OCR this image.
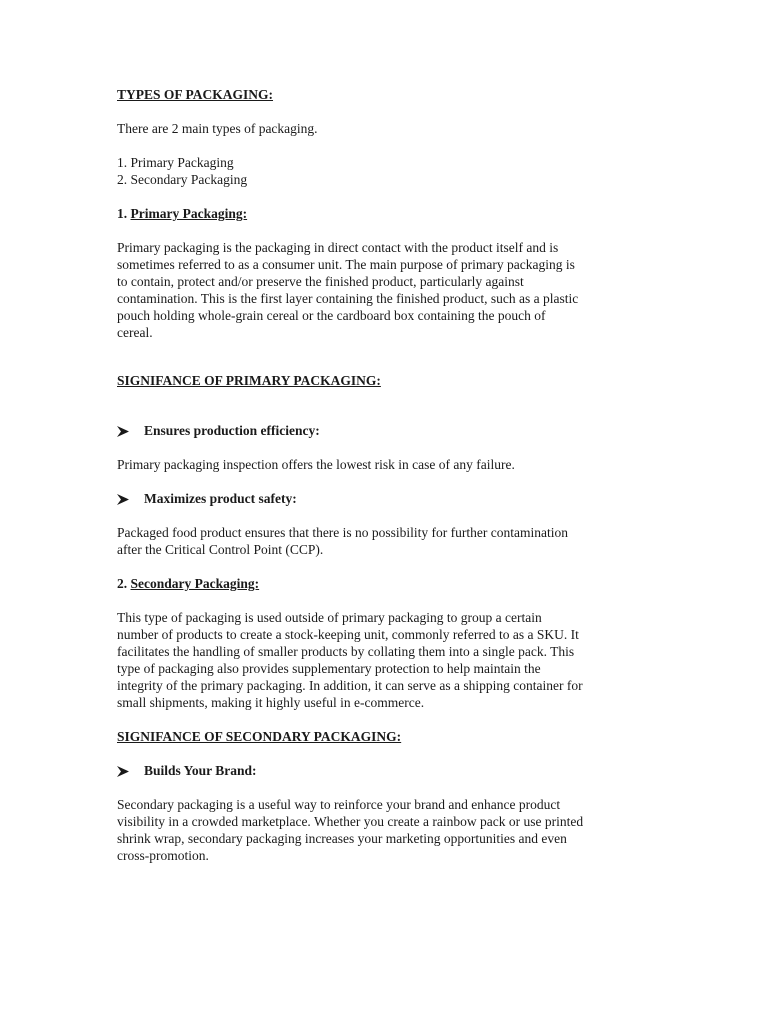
TYPES OF PACKAGING:
There are 2 main types of packaging.
1. Primary Packaging
2. Secondary Packaging
1. Primary Packaging:
Primary packaging is the packaging in direct contact with the product itself and is
sometimes referred to as a consumer unit. The main purpose of primary packaging is
to contain, protect and/or preserve the finished product, particularly against
contamination. This is the first layer containing the finished product, such as a plastic
pouch holding whole-grain cereal or the cardboard box containing the pouch of
cereal.
SIGNIFANCE OF PRIMARY PACKAGING:
Ensures production efficiency:
Primary packaging inspection offers the lowest risk in case of any failure.
Maximizes product safety:
Packaged food product ensures that there is no possibility for further contamination
after the Critical Control Point (CCP).
2. Secondary Packaging:
This type of packaging is used outside of primary packaging to group a certain
number of products to create a stock-keeping unit, commonly referred to as a SKU. It
facilitates the handling of smaller products by collating them into a single pack. This
type of packaging also provides supplementary protection to help maintain the
integrity of the primary packaging. In addition, it can serve as a shipping container for
small shipments, making it highly useful in e-commerce.
SIGNIFANCE OF SECONDARY PACKAGING:
Builds Your Brand:
Secondary packaging is a useful way to reinforce your brand and enhance product
visibility in a crowded marketplace. Whether you create a rainbow pack or use printed
shrink wrap, secondary packaging increases your marketing opportunities and even
cross-promotion.
